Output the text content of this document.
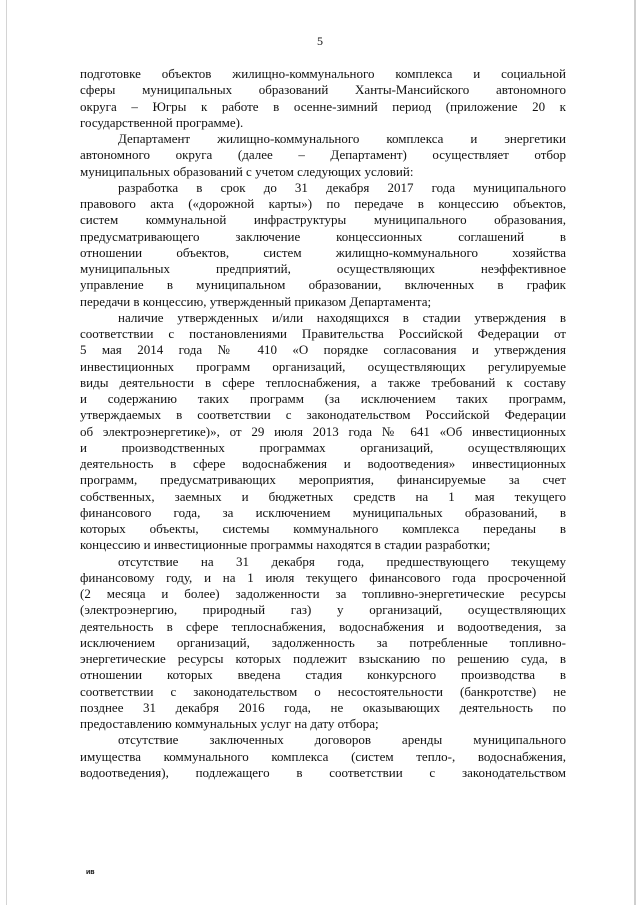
5
подготовке объектов жилищно-коммунального комплекса и социальной
сферы муниципальных образований Ханты-Мансийского автономного
округа – Югры к работе в осенне-зимний период (приложение 20 к
государственной программе).
Департамент жилищно-коммунального комплекса и энергетики
автономного округа (далее – Департамент) осуществляет отбор
муниципальных образований с учетом следующих условий:
разработка в срок до 31 декабря 2017 года муниципального
правового акта («дорожной карты») по передаче в концессию объектов,
систем коммунальной инфраструктуры муниципального образования,
предусматривающего заключение концессионных соглашений в
отношении объектов, систем жилищно-коммунального хозяйства
муниципальных предприятий, осуществляющих неэффективное
управление в муниципальном образовании, включенных в график
передачи в концессию, утвержденный приказом Департамента;
наличие утвержденных и/или находящихся в стадии утверждения в
соответствии с постановлениями Правительства Российской Федерации от
5 мая 2014 года № 410 «О порядке согласования и утверждения
инвестиционных программ организаций, осуществляющих регулируемые
виды деятельности в сфере теплоснабжения, а также требований к составу
и содержанию таких программ (за исключением таких программ,
утверждаемых в соответствии с законодательством Российской Федерации
об электроэнергетике)», от 29 июля 2013 года № 641 «Об инвестиционных
и производственных программах организаций, осуществляющих
деятельность в сфере водоснабжения и водоотведения» инвестиционных
программ, предусматривающих мероприятия, финансируемые за счет
собственных, заемных и бюджетных средств на 1 мая текущего
финансового года, за исключением муниципальных образований, в
которых объекты, системы коммунального комплекса переданы в
концессию и инвестиционные программы находятся в стадии разработки;
отсутствие на 31 декабря года, предшествующего текущему
финансовому году, и на 1 июля текущего финансового года просроченной
(2 месяца и более) задолженности за топливно-энергетические ресурсы
(электроэнергию, природный газ) у организаций, осуществляющих
деятельность в сфере теплоснабжения, водоснабжения и водоотведения, за
исключением организаций, задолженность за потребленные топливно-
энергетические ресурсы которых подлежит взысканию по решению суда, в
отношении которых введена стадия конкурсного производства в
соответствии с законодательством о несостоятельности (банкротстве) не
позднее 31 декабря 2016 года, не оказывающих деятельность по
предоставлению коммунальных услуг на дату отбора;
отсутствие заключенных договоров аренды муниципального
имущества коммунального комплекса (систем тепло-, водоснабжения,
водоотведения), подлежащего в соответствии с законодательством
ив
